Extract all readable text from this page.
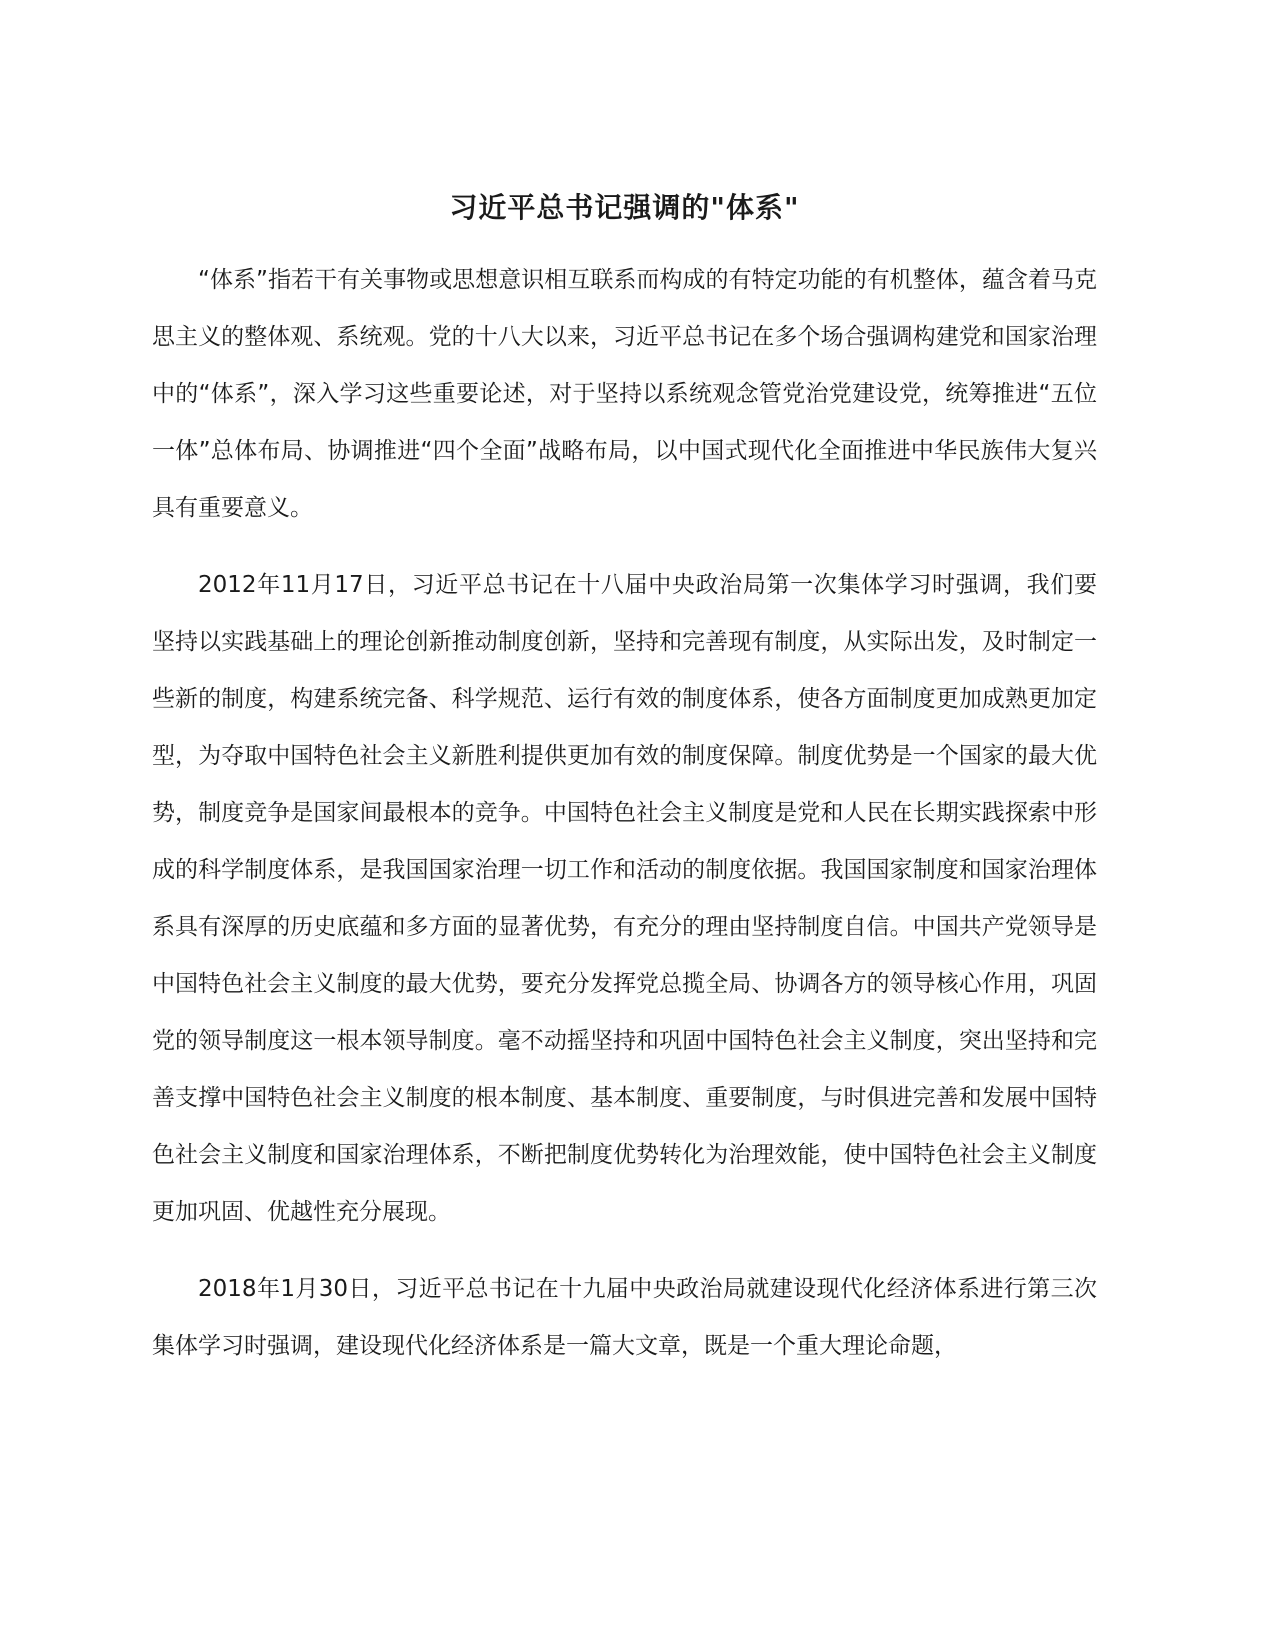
习近平总书记强调的"体系"

“体系”指若干有关事物或思想意识相互联系而构成的有特定功能的有机整体，蕴含着马克思主义的整体观、系统观。党的十八大以来，习近平总书记在多个场合强调构建党和国家治理中的“体系”，深入学习这些重要论述，对于坚持以系统观念管党治党建设党，统筹推进“五位一体”总体布局、协调推进“四个全面”战略布局，以中国式现代化全面推进中华民族伟大复兴具有重要意义。

2012年11月17日，习近平总书记在十八届中央政治局第一次集体学习时强调，我们要坚持以实践基础上的理论创新推动制度创新，坚持和完善现有制度，从实际出发，及时制定一些新的制度，构建系统完备、科学规范、运行有效的制度体系，使各方面制度更加成熟更加定型，为夺取中国特色社会主义新胜利提供更加有效的制度保障。制度优势是一个国家的最大优势，制度竞争是国家间最根本的竞争。中国特色社会主义制度是党和人民在长期实践探索中形成的科学制度体系，是我国国家治理一切工作和活动的制度依据。我国国家制度和国家治理体系具有深厚的历史底蕴和多方面的显著优势，有充分的理由坚持制度自信。中国共产党领导是中国特色社会主义制度的最大优势，要充分发挥党总揽全局、协调各方的领导核心作用，巩固党的领导制度这一根本领导制度。毫不动摇坚持和巩固中国特色社会主义制度，突出坚持和完善支撑中国特色社会主义制度的根本制度、基本制度、重要制度，与时俱进完善和发展中国特色社会主义制度和国家治理体系，不断把制度优势转化为治理效能，使中国特色社会主义制度更加巩固、优越性充分展现。

2018年1月30日，习近平总书记在十九届中央政治局就建设现代化经济体系进行第三次集体学习时强调，建设现代化经济体系是一篇大文章，既是一个重大理论命题，
